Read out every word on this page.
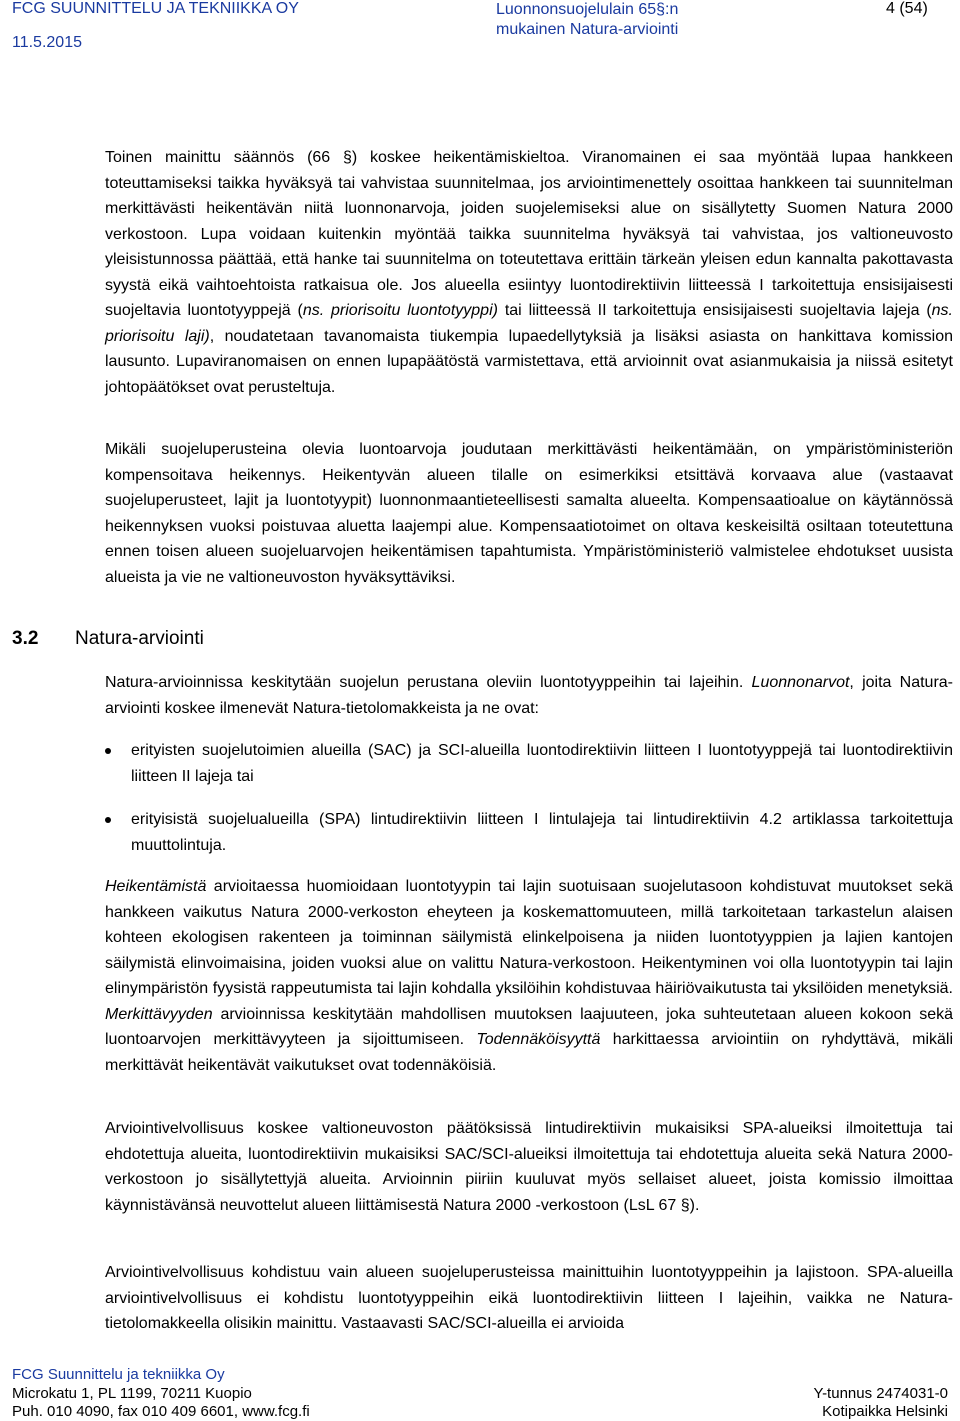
FCG SUUNNITTELU JA TEKNIIKKA OY
11.5.2015
Luonnonsuojelulain 65§:n
mukainen Natura-arviointi
4 (54)
Toinen mainittu säännös (66 §) koskee heikentämiskieltoa. Viranomainen ei saa myöntää lupaa hankkeen toteuttamiseksi taikka hyväksyä tai vahvistaa suunnitelmaa, jos arviointimenettely osoittaa hankkeen tai suunnitelman merkittävästi heikentävän niitä luonnonarvoja, joiden suojelemiseksi alue on sisällytetty Suomen Natura 2000 verkostoon. Lupa voidaan kuitenkin myöntää taikka suunnitelma hyväksyä tai vahvistaa, jos valtioneuvosto yleisistunnossa päättää, että hanke tai suunnitelma on toteutettava erittäin tärkeän yleisen edun kannalta pakottavasta syystä eikä vaihtoehtoista ratkaisua ole. Jos alueella esiintyy luontodirektiivin liitteessä I tarkoitettuja ensisijaisesti suojeltavia luontotyyppejä (ns. priorisoitu luontotyyppi) tai liitteessä II tarkoitettuja ensisijaisesti suojeltavia lajeja (ns. priorisoitu laji), noudatetaan tavanomaista tiukempia lupaedellytyksiä ja lisäksi asiasta on hankittava komission lausunto. Lupaviranomaisen on ennen lupapäätöstä varmistettava, että arvioinnit ovat asianmukaisia ja niissä esitetyt johtopäätökset ovat perusteltuja.
Mikäli suojeluperusteina olevia luontoarvoja joudutaan merkittävästi heikentämään, on ympäristöministeriön kompensoitava heikennys. Heikentyvän alueen tilalle on esimerkiksi etsittävä korvaava alue (vastaavat suojeluperusteet, lajit ja luontotyypit) luonnonmaantieteellisesti samalta alueelta. Kompensaatioalue on käytännössä heikennyksen vuoksi poistuvaa aluetta laajempi alue. Kompensaatiotoimet on oltava keskeisiltä osiltaan toteutettuna ennen toisen alueen suojeluarvojen heikentämisen tapahtumista. Ympäristöministeriö valmistelee ehdotukset uusista alueista ja vie ne valtioneuvoston hyväksyttäviksi.
3.2 Natura-arviointi
Natura-arvioinnissa keskitytään suojelun perustana oleviin luontotyyppeihin tai lajeihin. Luonnonarvot, joita Natura-arviointi koskee ilmenevät Natura-tietolomakkeista ja ne ovat:
erityisten suojelutoimien alueilla (SAC) ja SCI-alueilla luontodirektiivin liitteen I luontotyyppejä tai luontodirektiivin liitteen II lajeja tai
erityisistä suojelualueilla (SPA) lintudirektiivin liitteen I lintulajeja tai lintudirektiivin 4.2 artiklassa tarkoitettuja muuttolintuja.
Heikentämistä arvioitaessa huomioidaan luontotyypin tai lajin suotuisaan suojelutasoon kohdistuvat muutokset sekä hankkeen vaikutus Natura 2000-verkoston eheyteen ja koskemattomuuteen, millä tarkoitetaan tarkastelun alaisen kohteen ekologisen rakenteen ja toiminnan säilymistä elinkelpoisena ja niiden luontotyyppien ja lajien kantojen säilymistä elinvoimaisina, joiden vuoksi alue on valittu Natura-verkostoon. Heikentyminen voi olla luontotyypin tai lajin elinympäristön fyysistä rappeutumista tai lajin kohdalla yksilöihin kohdistuvaa häiriövaikutusta tai yksilöiden menetyksiä. Merkittävyyden arvioinnissa keskitytään mahdollisen muutoksen laajuuteen, joka suhteutetaan alueen kokoon sekä luontoarvojen merkittävyyteen ja sijoittumiseen. Todennäköisyyttä harkittaessa arviointiin on ryhdyttävä, mikäli merkittävät heikentävät vaikutukset ovat todennäköisiä.
Arviointivelvollisuus koskee valtioneuvoston päätöksissä lintudirektiivin mukaisiksi SPA-alueiksi ilmoitettuja tai ehdotettuja alueita, luontodirektiivin mukaisiksi SAC/SCI-alueiksi ilmoitettuja tai ehdotettuja alueita sekä Natura 2000-verkostoon jo sisällytettyjä alueita. Arvioinnin piiriin kuuluvat myös sellaiset alueet, joista komissio ilmoittaa käynnistävänsä neuvottelut alueen liittämisestä Natura 2000 -verkostoon (LsL 67 §).
Arviointivelvollisuus kohdistuu vain alueen suojeluperusteissa mainittuihin luontotyyppeihin ja lajistoon. SPA-alueilla arviointivelvollisuus ei kohdistu luontotyyppeihin eikä luontodirektiivin liitteen I lajeihin, vaikka ne Natura-tietolomakkeella olisikin mainittu. Vastaavasti SAC/SCI-alueilla ei arvioida
FCG Suunnittelu ja tekniikka Oy
Microkatu 1, PL 1199, 70211 Kuopio
Puh. 010 4090, fax 010 409 6601, www.fcg.fi
Y-tunnus 2474031-0
Kotipaikka Helsinki
